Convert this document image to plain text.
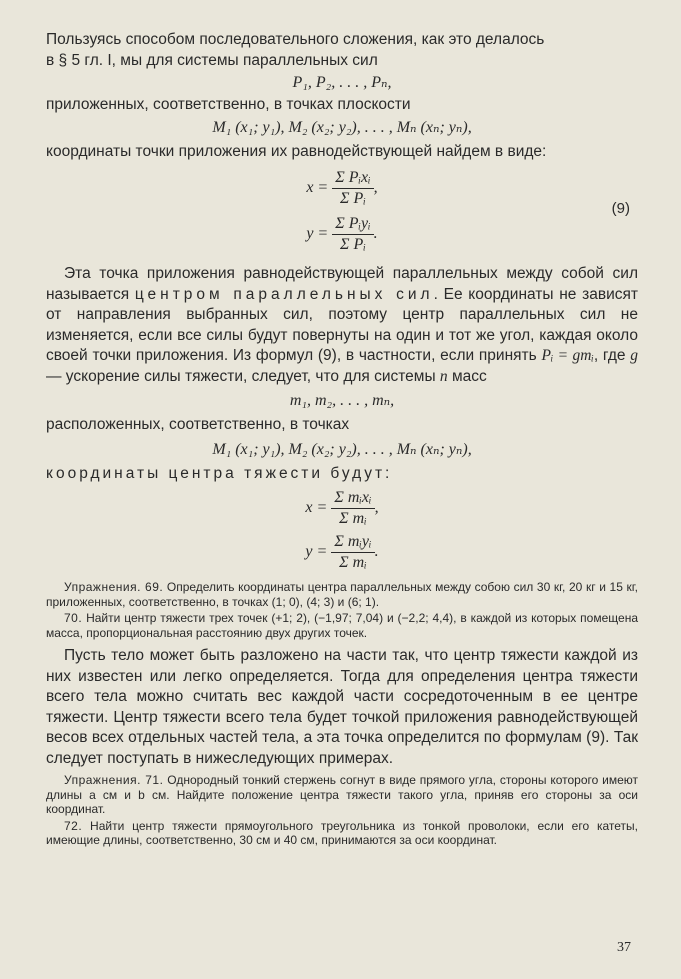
Пользуясь способом последовательного сложения, как это делалось

в § 5 гл. I, мы для системы параллельных сил

P₁, P₂, . . . , Pₙ,

приложенных, соответственно, в точках плоскости

M₁ (x₁; y₁), M₂ (x₂; y₂), . . . , Mₙ (xₙ; yₙ),

координаты точки приложения их равнодействующей найдем в виде:

$x = \frac{\text{Σ Pᵢxᵢ}}{\text{Σ Pᵢ}}$ ,
$y = \frac{\text{Σ Pᵢyᵢ}}{\text{Σ Pᵢ}}$ .
(9)

Эта точка приложения равнодействующей параллельных между собой сил называется центром параллельных сил. Ее координаты не зависят от направления выбранных сил, поэтому центр параллельных сил не изменяется, если все силы будут повернуты на один и тот же угол, каждая около своей точки приложения. Из формул (9), в частности, если принять Pᵢ = gmᵢ, где g — ускорение силы тяжести, следует, что для системы n масс

m₁, m₂, . . . , mₙ,

расположенных, соответственно, в точках

M₁ (x₁; y₁), M₂ (x₂; y₂), . . . , Mₙ (xₙ; yₙ),

координаты центра тяжести будут:

$x = \frac{\text{Σ mᵢxᵢ}}{\text{Σ mᵢ}}$ ,
$y = \frac{\text{Σ mᵢyᵢ}}{\text{Σ mᵢ}}$ .

Упражнения. 69. Определить координаты центра параллельных между собою сил 30 кг, 20 кг и 15 кг, приложенных, соответственно, в точках (1; 0), (4; 3) и (6; 1).

70. Найти центр тяжести трех точек (+1; 2), (−1,97; 7,04) и (−2,2; 4,4), в каждой из которых помещена масса, пропорциональная расстоянию двух других точек.

Пусть тело может быть разложено на части так, что центр тяжести каждой из них известен или легко определяется. Тогда для определения центра тяжести всего тела можно считать вес каждой части сосредоточенным в ее центре тяжести. Центр тяжести всего тела будет точкой приложения равнодействующей весов всех отдельных частей тела, а эта точка определится по формулам (9). Так следует поступать в нижеследующих примерах.

Упражнения. 71. Однородный тонкий стержень согнут в виде прямого угла, стороны которого имеют длины a см и b см. Найдите положение центра тяжести такого угла, приняв его стороны за оси координат.

72. Найти центр тяжести прямоугольного треугольника из тонкой проволоки, если его катеты, имеющие длины, соответственно, 30 см и 40 см, принимаются за оси координат.

37
